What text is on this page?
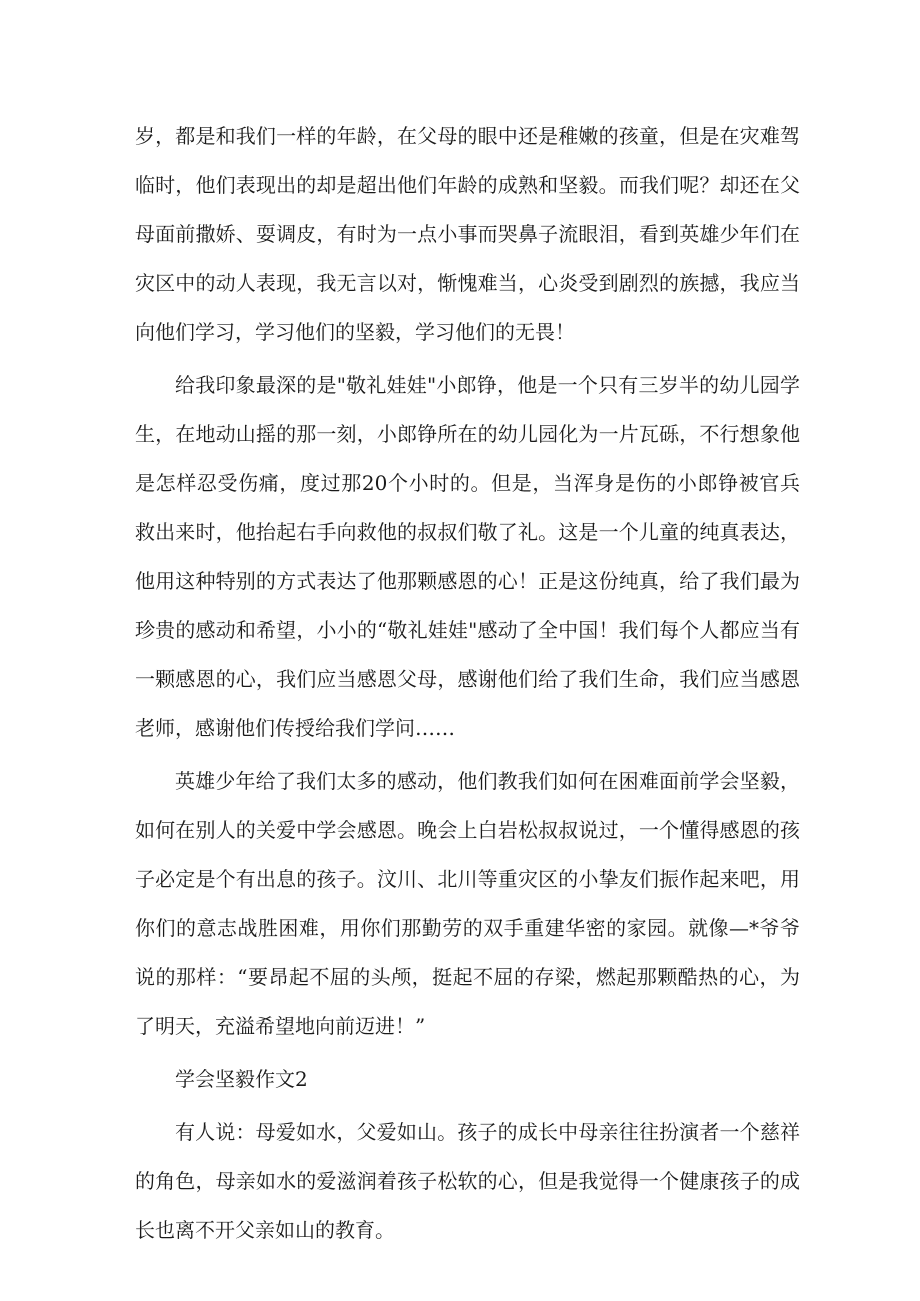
岁，都是和我们一样的年龄，在父母的眼中还是稚嫩的孩童，但是在灾难驾临时，他们表现出的却是超出他们年龄的成熟和坚毅。而我们呢？却还在父母面前撒娇、耍调皮，有时为一点小事而哭鼻子流眼泪，看到英雄少年们在灾区中的动人表现，我无言以对，惭愧难当，心炎受到剧烈的族撼，我应当向他们学习，学习他们的坚毅，学习他们的无畏！

给我印象最深的是"敬礼娃娃"小郎铮，他是一个只有三岁半的幼儿园学生，在地动山摇的那一刻，小郎铮所在的幼儿园化为一片瓦砾，不行想象他是怎样忍受伤痛，度过那20个小时的。但是，当浑身是伤的小郎铮被官兵救出来时，他抬起右手向救他的叔叔们敬了礼。这是一个儿童的纯真表达，他用这种特别的方式表达了他那颗感恩的心！正是这份纯真，给了我们最为珍贵的感动和希望，小小的“敬礼娃娃"感动了全中国！我们每个人都应当有一颗感恩的心，我们应当感恩父母，感谢他们给了我们生命，我们应当感恩老师，感谢他们传授给我们学问……

英雄少年给了我们太多的感动，他们教我们如何在困难面前学会坚毅，如何在别人的关爱中学会感恩。晚会上白岩松叔叔说过，一个懂得感恩的孩子必定是个有出息的孩子。汶川、北川等重灾区的小挚友们振作起来吧，用你们的意志战胜困难，用你们那勤劳的双手重建华密的家园。就像—*爷爷说的那样：“要昂起不屈的头颅，挺起不屈的存梁，燃起那颗酷热的心，为了明天，充溢希望地向前迈进！”

学会坚毅作文2

有人说：母爱如水，父爱如山。孩子的成长中母亲往往扮演者一个慈祥的角色，母亲如水的爱滋润着孩子松软的心，但是我觉得一个健康孩子的成长也离不开父亲如山的教育。
